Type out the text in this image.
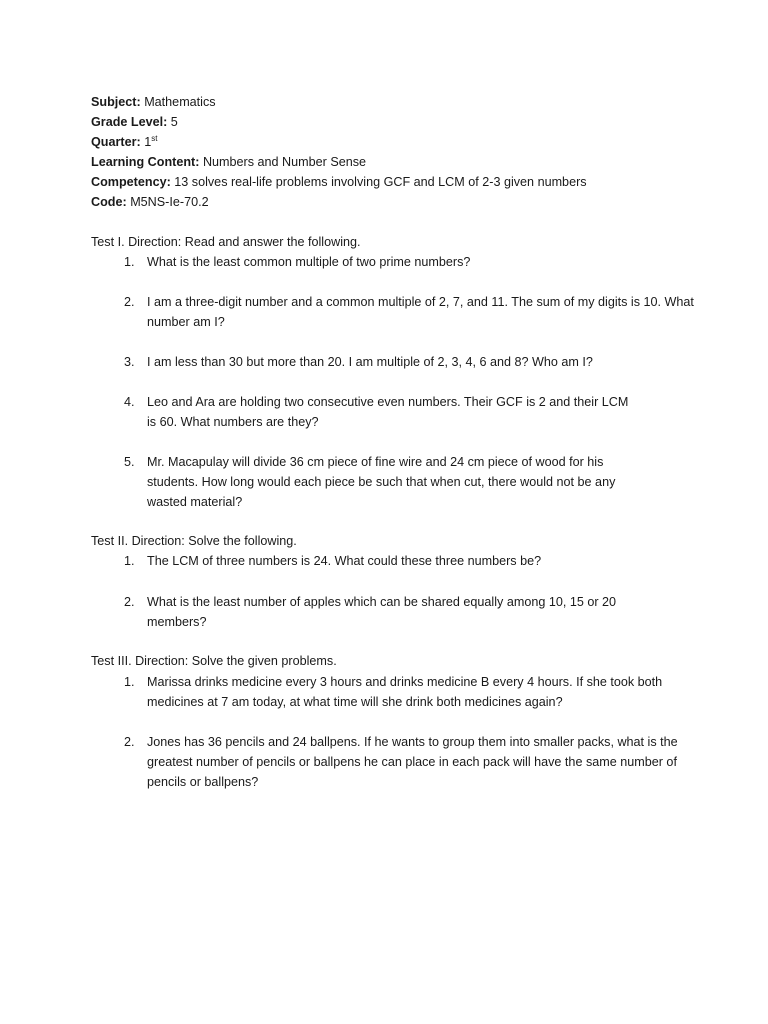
Subject: Mathematics
Grade Level: 5
Quarter: 1st
Learning Content: Numbers and Number Sense
Competency: 13 solves real-life problems involving GCF and LCM of 2-3 given numbers
Code: M5NS-Ie-70.2
Test I. Direction: Read and answer the following.
1. What is the least common multiple of two prime numbers?
2. I am a three-digit number and a common multiple of 2, 7, and 11. The sum of my digits is 10. What number am I?
3. I am less than 30 but more than 20. I am multiple of 2, 3, 4, 6 and 8? Who am I?
4. Leo and Ara are holding two consecutive even numbers. Their GCF is 2 and their LCM is 60. What numbers are they?
5. Mr. Macapulay will divide 36 cm piece of fine wire and 24 cm piece of wood for his students. How long would each piece be such that when cut, there would not be any wasted material?
Test II. Direction: Solve the following.
1. The LCM of three numbers is 24. What could these three numbers be?
2. What is the least number of apples which can be shared equally among 10, 15 or 20 members?
Test III. Direction: Solve the given problems.
1. Marissa drinks medicine every 3 hours and drinks medicine B every 4 hours. If she took both medicines at 7 am today, at what time will she drink both medicines again?
2. Jones has 36 pencils and 24 ballpens. If he wants to group them into smaller packs, what is the greatest number of pencils or ballpens he can place in each pack will have the same number of pencils or ballpens?
